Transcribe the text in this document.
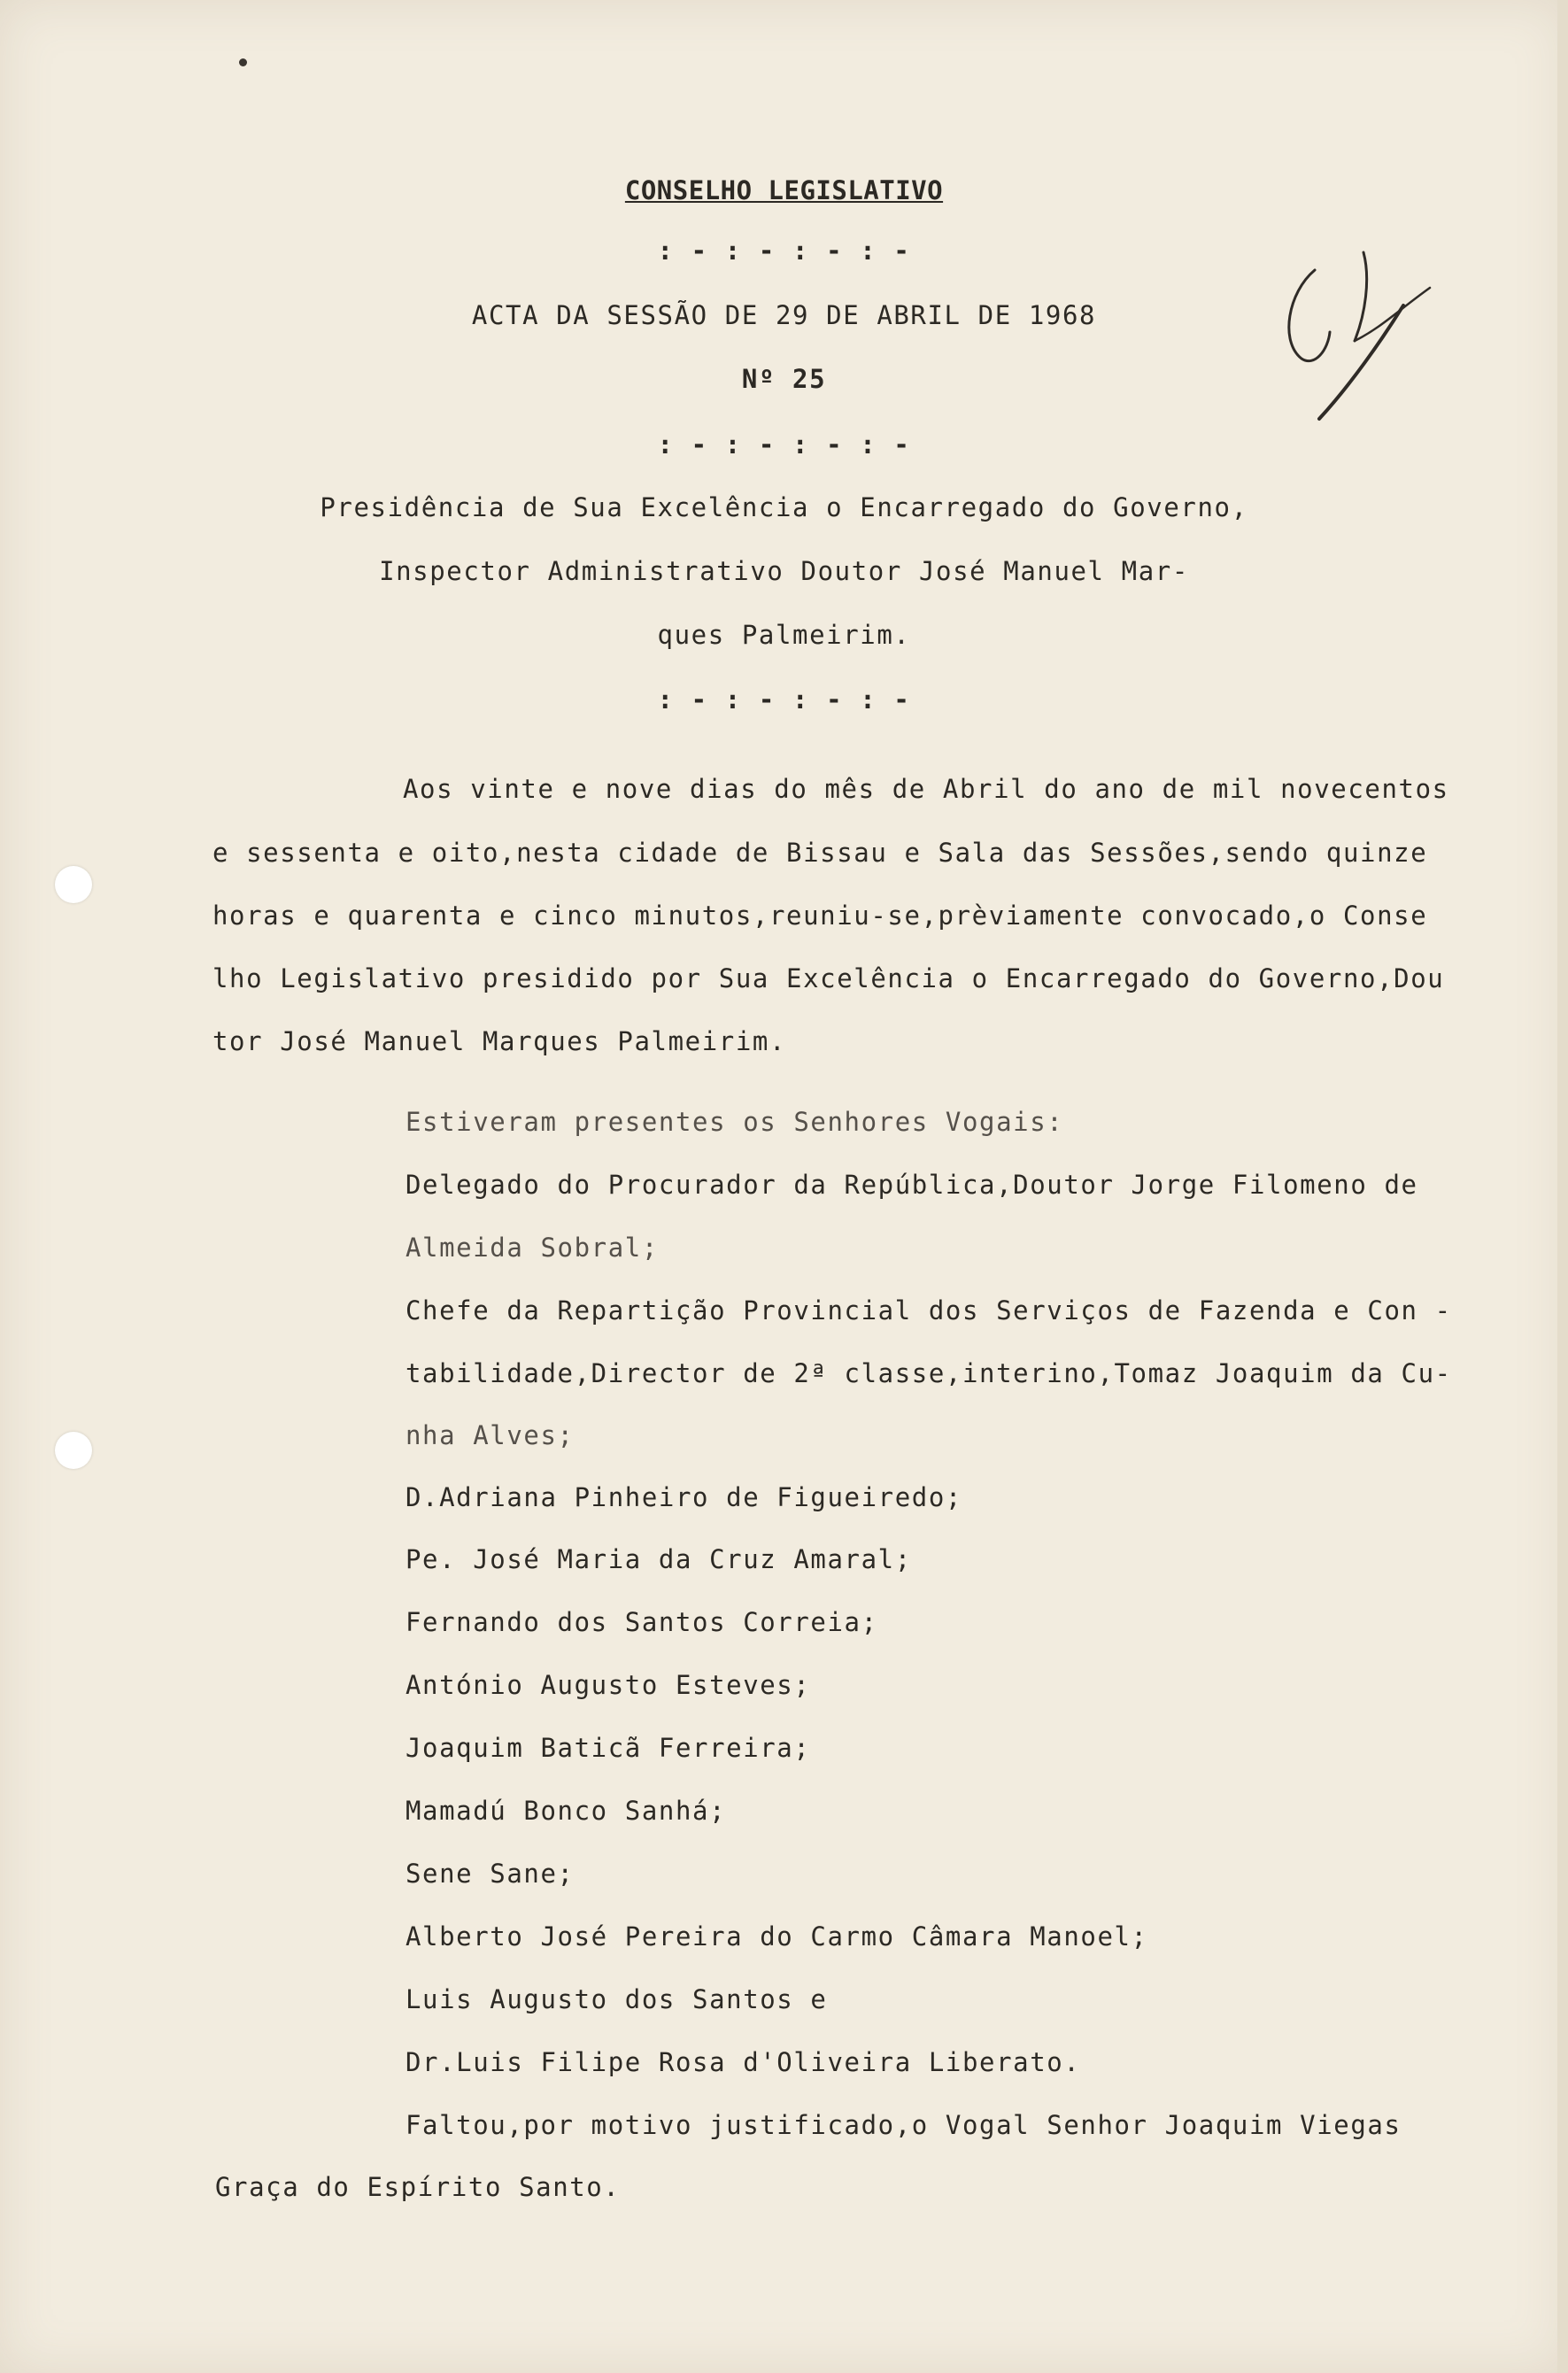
CONSELHO LEGISLATIVO
: - : - : - : -
ACTA DA SESSÃO DE 29 DE ABRIL DE 1968
Nº 25
: - : - : - : -
Presidência de Sua Excelência o Encarregado do Governo,
Inspector Administrativo Doutor José Manuel Mar-
ques Palmeirim.
: - : - : - : -
Aos vinte e nove dias do mês de Abril do ano de mil novecentos
e sessenta e oito,nesta cidade de Bissau e Sala das Sessões,sendo quinze
horas e quarenta e cinco minutos,reuniu-se,prèviamente convocado,o Conse
lho Legislativo presidido por Sua Excelência o Encarregado do Governo,Dou
tor José Manuel Marques Palmeirim.
Estiveram presentes os Senhores Vogais:
Delegado do Procurador da República,Doutor Jorge Filomeno de
Almeida Sobral;
Chefe da Repartição Provincial dos Serviços de Fazenda e Con -
tabilidade,Director de 2ª classe,interino,Tomaz Joaquim da Cu-
nha Alves;
D.Adriana Pinheiro de Figueiredo;
Pe. José Maria da Cruz Amaral;
Fernando dos Santos Correia;
António Augusto Esteves;
Joaquim Baticã Ferreira;
Mamadú Bonco Sanhá;
Sene Sane;
Alberto José Pereira do Carmo Câmara Manoel;
Luis Augusto dos Santos e
Dr.Luis Filipe Rosa d'Oliveira Liberato.
Faltou,por motivo justificado,o Vogal Senhor Joaquim Viegas
Graça do Espírito Santo.
